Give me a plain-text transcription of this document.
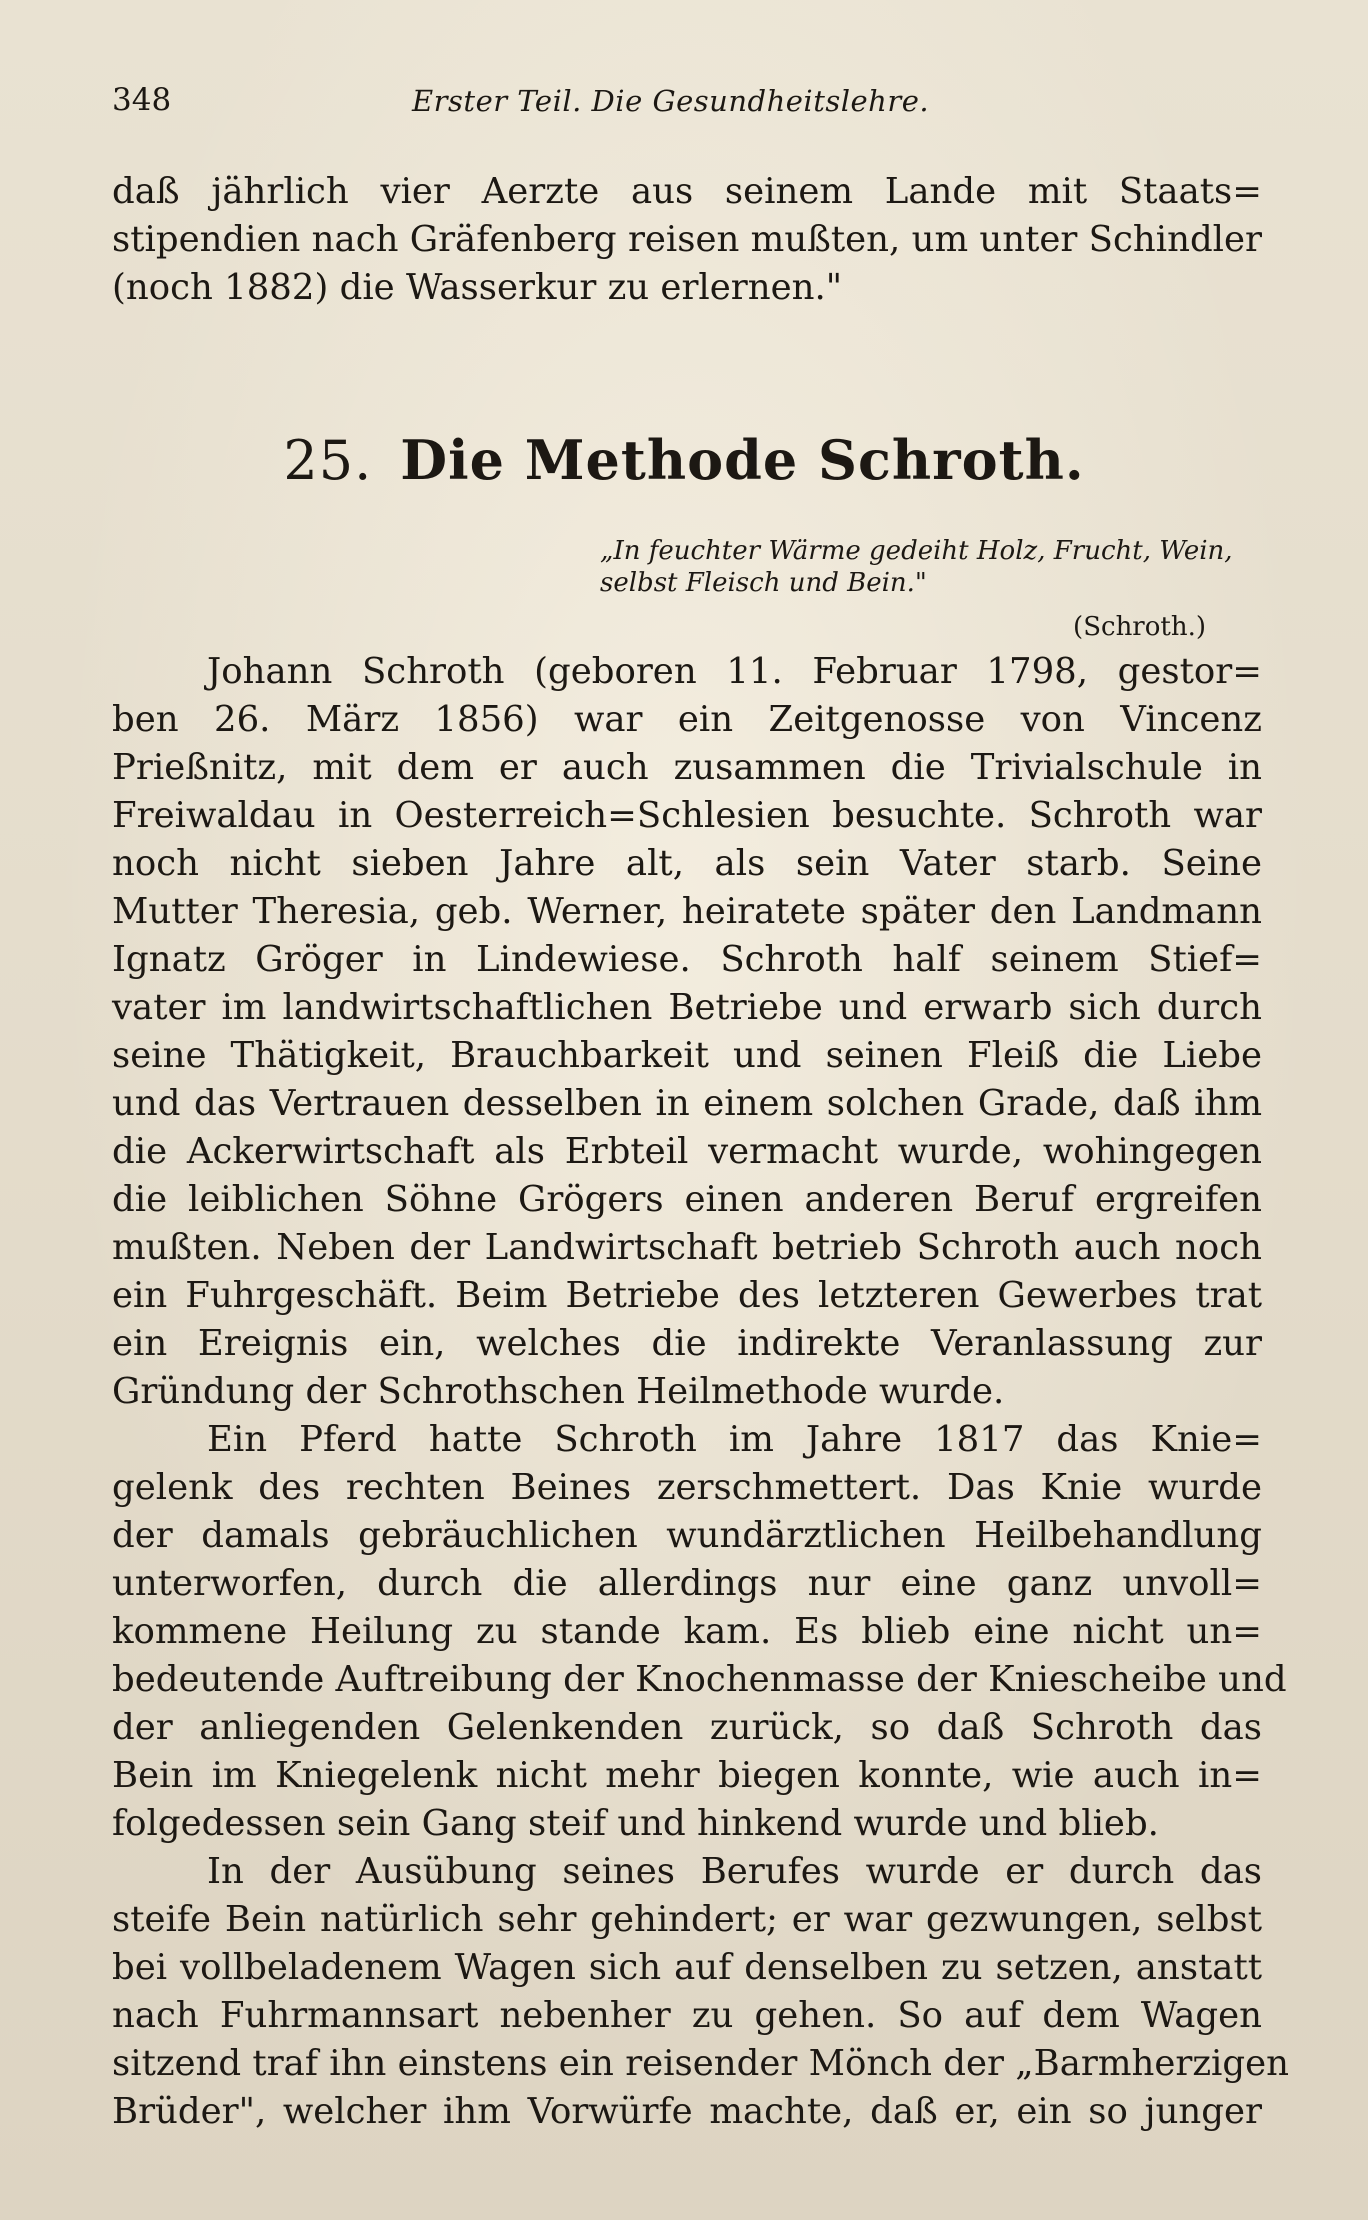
348	Erster Teil. Die Gesundheitslehre.
daß jährlich vier Aerzte aus seinem Lande mit Staats=
stipendien nach Gräfenberg reisen mußten, um unter Schindler
(noch 1882) die Wasserkur zu erlernen."
25. Die Methode Schroth.
„In feuchter Wärme gedeiht Holz, Frucht, Wein,
selbst Fleisch und Bein."
(Schroth.)
Johann Schroth (geboren 11. Februar 1798, gestor=
ben 26. März 1856) war ein Zeitgenosse von Vincenz
Prießnitz, mit dem er auch zusammen die Trivialschule in
Freiwaldau in Oesterreich=Schlesien besuchte. Schroth war
noch nicht sieben Jahre alt, als sein Vater starb. Seine
Mutter Theresia, geb. Werner, heiratete später den Landmann
Ignatz Gröger in Lindewiese. Schroth half seinem Stief=
vater im landwirtschaftlichen Betriebe und erwarb sich durch
seine Thätigkeit, Brauchbarkeit und seinen Fleiß die Liebe
und das Vertrauen desselben in einem solchen Grade, daß ihm
die Ackerwirtschaft als Erbteil vermacht wurde, wohingegen
die leiblichen Söhne Grögers einen anderen Beruf ergreifen
mußten. Neben der Landwirtschaft betrieb Schroth auch noch
ein Fuhrgeschäft. Beim Betriebe des letzteren Gewerbes trat
ein Ereignis ein, welches die indirekte Veranlassung zur
Gründung der Schrothschen Heilmethode wurde.
Ein Pferd hatte Schroth im Jahre 1817 das Knie=
gelenk des rechten Beines zerschmettert. Das Knie wurde
der damals gebräuchlichen wundärztlichen Heilbehandlung
unterworfen, durch die allerdings nur eine ganz unvoll=
kommene Heilung zu stande kam. Es blieb eine nicht un=
bedeutende Auftreibung der Knochenmasse der Kniescheibe und
der anliegenden Gelenkenden zurück, so daß Schroth das
Bein im Kniegelenk nicht mehr biegen konnte, wie auch in=
folgedessen sein Gang steif und hinkend wurde und blieb.
In der Ausübung seines Berufes wurde er durch das
steife Bein natürlich sehr gehindert; er war gezwungen, selbst
bei vollbeladenem Wagen sich auf denselben zu setzen, anstatt
nach Fuhrmannsart nebenher zu gehen. So auf dem Wagen
sitzend traf ihn einstens ein reisender Mönch der „Barmherzigen
Brüder", welcher ihm Vorwürfe machte, daß er, ein so junger
